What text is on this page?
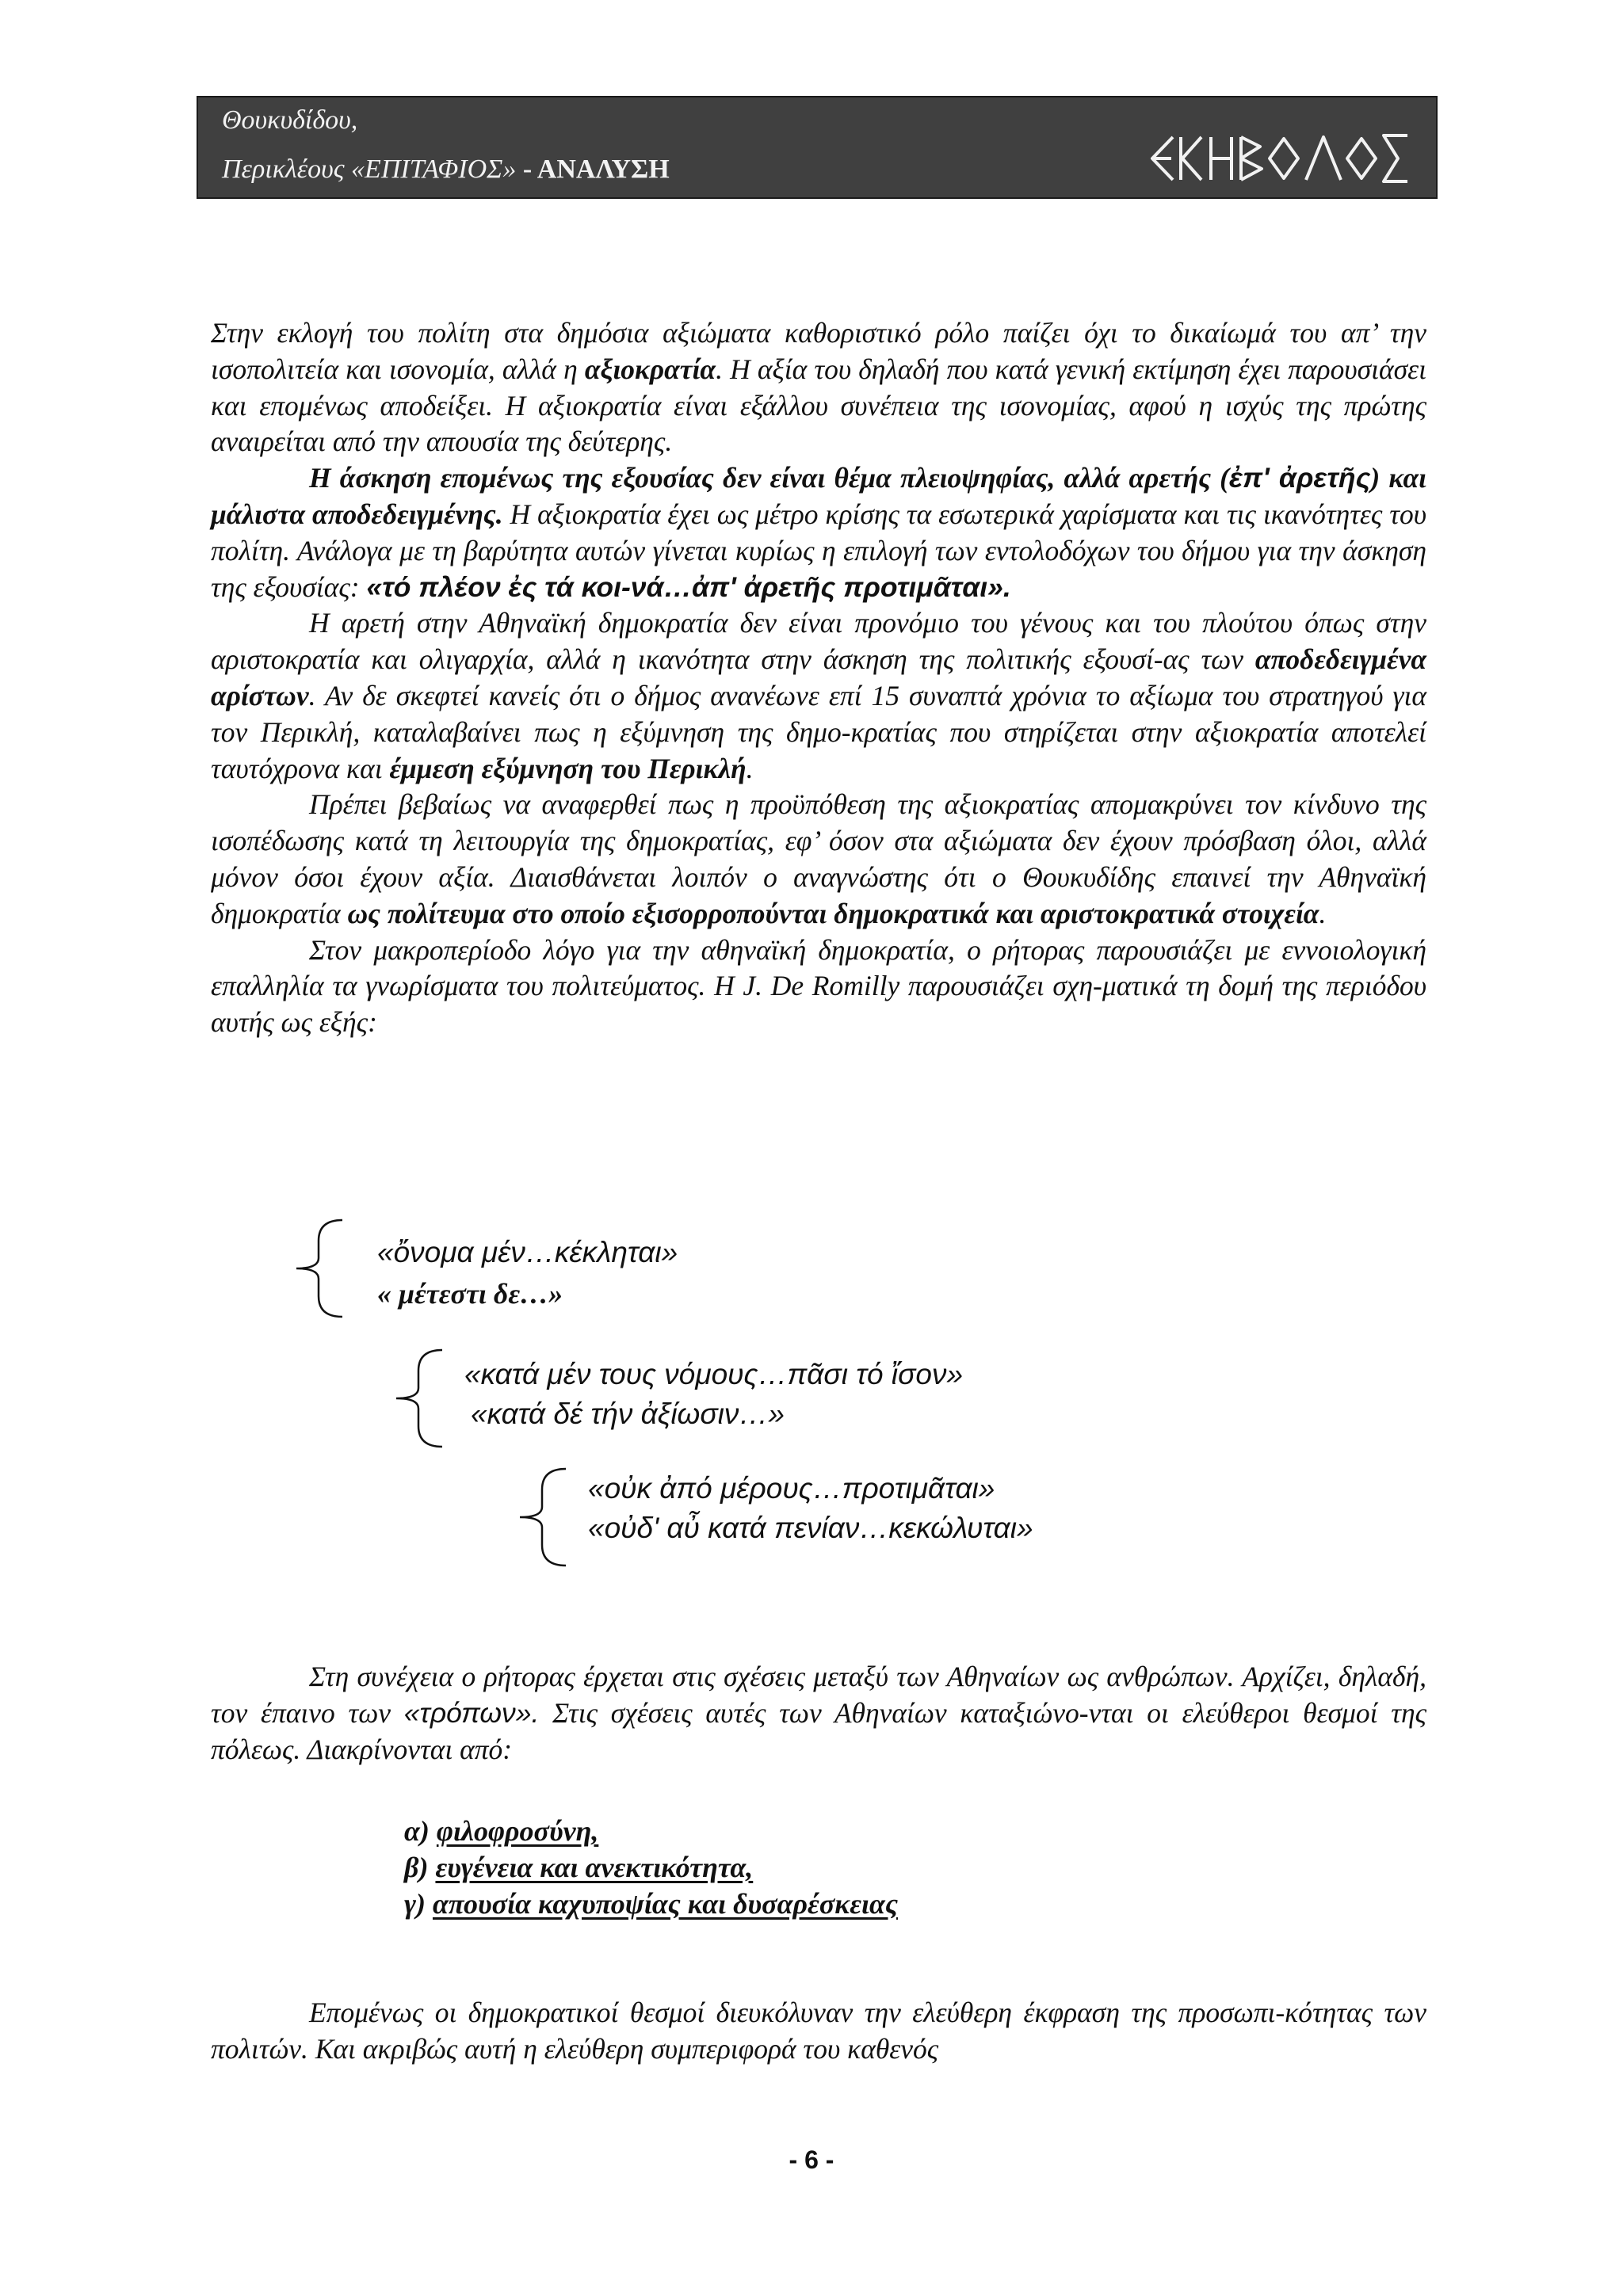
Θουκυδίδου,
Περικλέους «ΕΠΙΤΑΦΙΟΣ» - ΑΝΑΛΥΣΗ

Στην εκλογή του πολίτη στα δημόσια αξιώματα καθοριστικό ρόλο παίζει όχι το δικαίωμά του απ’ την ισοπολιτεία και ισονομία, αλλά η αξιοκρατία. Η αξία του δηλαδή που κατά γενική εκτίμηση έχει παρουσιάσει και επομένως αποδείξει. Η αξιοκρατία είναι εξάλλου συνέπεια της ισονομίας, αφού η ισχύς της πρώτης αναιρείται από την απουσία της δεύτερης.

Η άσκηση επομένως της εξουσίας δεν είναι θέμα πλειοψηφίας, αλλά αρετής (ἐπ' ἀρετῆς) και μάλιστα αποδεδειγμένης. Η αξιοκρατία έχει ως μέτρο κρίσης τα εσωτερικά χαρίσματα και τις ικανότητες του πολίτη. Ανάλογα με τη βαρύτητα αυτών γίνεται κυρίως η επιλογή των εντολοδόχων του δήμου για την άσκηση της εξουσίας: «τό πλέον ἐς τά κοι-νά…ἀπ' ἀρετῆς προτιμᾶται».

Η αρετή στην Αθηναϊκή δημοκρατία δεν είναι προνόμιο του γένους και του πλούτου όπως στην αριστοκρατία και ολιγαρχία, αλλά η ικανότητα στην άσκηση της πολιτικής εξουσί-ας των αποδεδειγμένα αρίστων. Αν δε σκεφτεί κανείς ότι ο δήμος ανανέωνε επί 15 συναπτά χρόνια το αξίωμα του στρατηγού για τον Περικλή, καταλαβαίνει πως η εξύμνηση της δημο-κρατίας που στηρίζεται στην αξιοκρατία αποτελεί ταυτόχρονα και έμμεση εξύμνηση του Περικλή.

Πρέπει βεβαίως να αναφερθεί πως η προϋπόθεση της αξιοκρατίας απομακρύνει τον κίνδυνο της ισοπέδωσης κατά τη λειτουργία της δημοκρατίας, εφ’ όσον στα αξιώματα δεν έχουν πρόσβαση όλοι, αλλά μόνον όσοι έχουν αξία. Διαισθάνεται λοιπόν ο αναγνώστης ότι ο Θουκυδίδης επαινεί την Αθηναϊκή δημοκρατία ως πολίτευμα στο οποίο εξισορροπούνται δημοκρατικά και αριστοκρατικά στοιχεία.

Στον μακροπερίοδο λόγο για την αθηναϊκή δημοκρατία, ο ρήτορας παρουσιάζει με εννοιολογική επαλληλία τα γνωρίσματα του πολιτεύματος. Η J. De Romilly παρουσιάζει σχη-ματικά τη δομή της περιόδου αυτής ως εξής:

«ὄνομα μέν…κέκληται»
« μέτεστι δε…»
«κατά μέν τους νόμους…πᾶσι τό ἴσον»
«κατά δέ τήν ἀξίωσιν…»
«οὐκ ἀπό μέρους…προτιμᾶται»
«οὐδ' αὖ κατά πενίαν…κεκώλυται»

Στη συνέχεια ο ρήτορας έρχεται στις σχέσεις μεταξύ των Αθηναίων ως ανθρώπων. Αρχίζει, δηλαδή, τον έπαινο των «τρόπων». Στις σχέσεις αυτές των Αθηναίων καταξιώνο-νται οι ελεύθεροι θεσμοί της πόλεως. Διακρίνονται από:

α) φιλοφροσύνη,
β) ευγένεια και ανεκτικότητα,
γ) απουσία καχυποψίας και δυσαρέσκειας

Επομένως οι δημοκρατικοί θεσμοί διευκόλυναν την ελεύθερη έκφραση της προσωπι-κότητας των πολιτών. Και ακριβώς αυτή η ελεύθερη συμπεριφορά του καθενός

- 6 -
